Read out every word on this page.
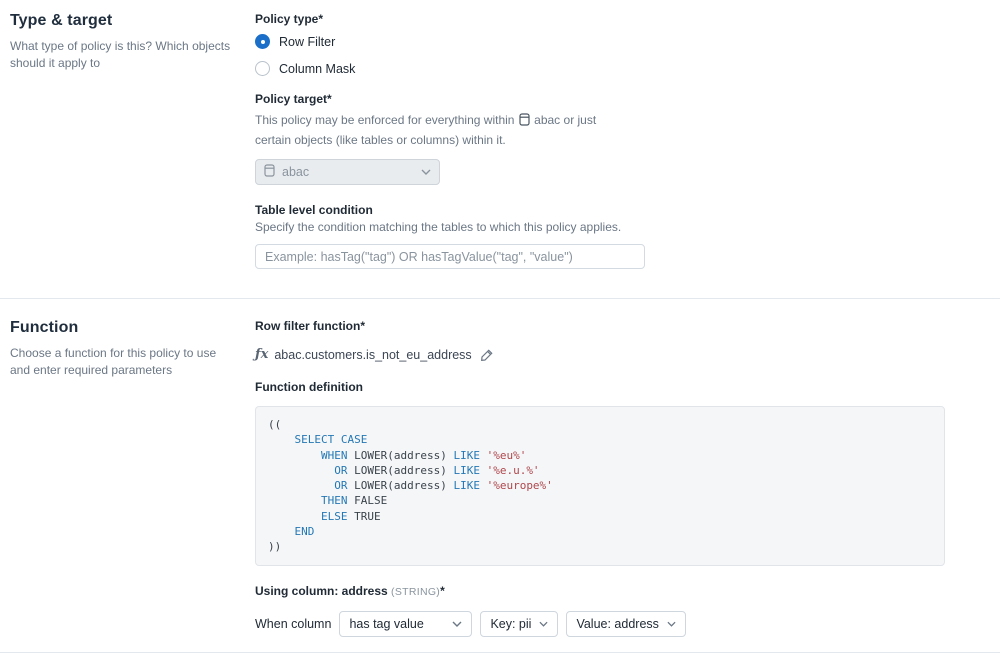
Type & target

What type of policy is this? Which objects should it apply to

Policy type*
Row Filter
Column Mask
Policy target*

This policy may be enforced for everything within abac or just certain objects (like tables or columns) within it.

abac
Table level condition

Specify the condition matching the tables to which this policy applies.

Example: hasTag("tag") OR hasTagValue("tag", "value")
Function

Choose a function for this policy to use and enter required parameters

Row filter function*
ƒx abac.customers.is_not_eu_address
Function definition
((
SELECT CASE
WHEN LOWER(address) LIKE '%eu%'
OR LOWER(address) LIKE '%e.u.%'
OR LOWER(address) LIKE '%europe%'
THEN FALSE
ELSE TRUE
END
))
Using column: address (STRING)*
When column has tag value	Key: pii	Value: address
